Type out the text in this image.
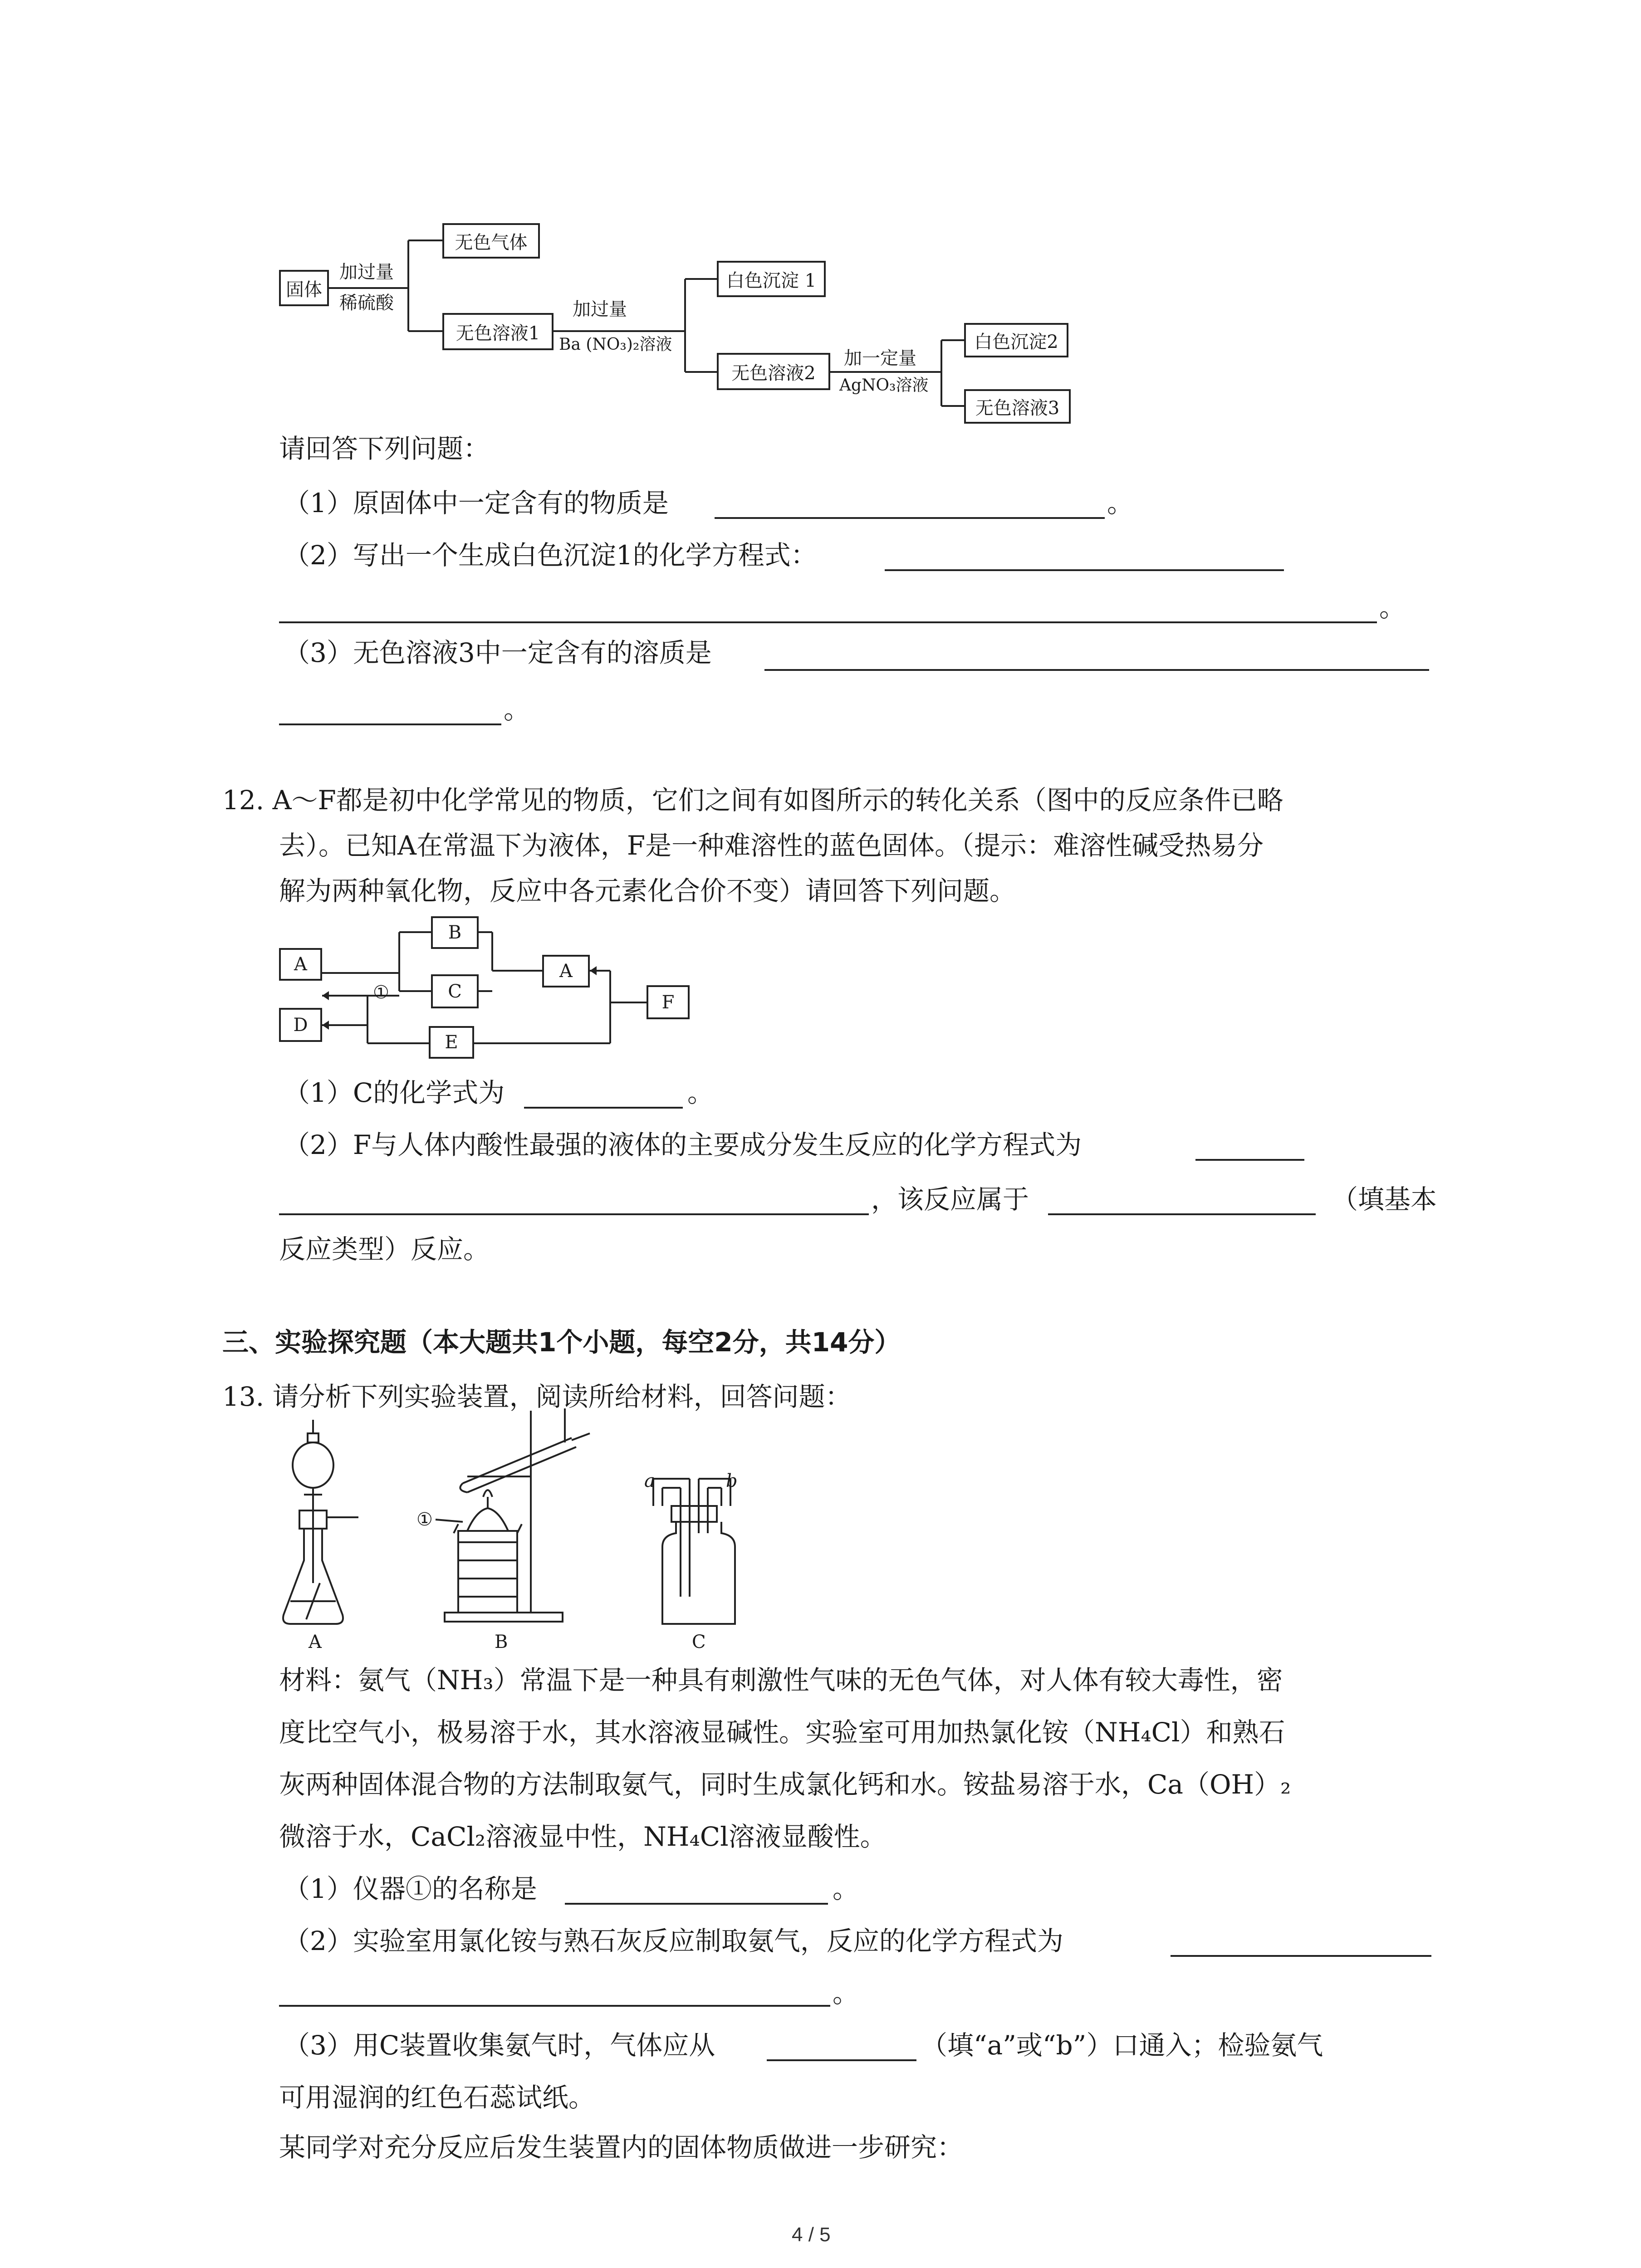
固体
加过量
稀硫酸
无色气体
无色溶液1
加过量
Ba (NO₃)₂溶液
白色沉淀 1
无色溶液2
加一定量
AgNO₃溶液
白色沉淀2
无色溶液3
请回答下列问题：
（1）原固体中一定含有的物质是	。
（2）写出一个生成白色沉淀1的化学方程式：
。
（3）无色溶液3中一定含有的溶质是
。
12. A～F都是初中化学常见的物质，它们之间有如图所示的转化关系（图中的反应条件已略
去）。已知A在常温下为液体，F是一种难溶性的蓝色固体。（提示：难溶性碱受热易分
解为两种氧化物，反应中各元素化合价不变）请回答下列问题。
A
B
C
A
D
E
F
①
（1）C的化学式为	。
（2）F与人体内酸性最强的液体的主要成分发生反应的化学方程式为
，该反应属于	（填基本
反应类型）反应。
三、实验探究题（本大题共1个小题，每空2分，共14分）
13. 请分析下列实验装置，阅读所给材料，回答问题：
A	B	C
a	b
①
材料：氨气（NH₃）常温下是一种具有刺激性气味的无色气体，对人体有较大毒性，密
度比空气小，极易溶于水，其水溶液显碱性。实验室可用加热氯化铵（NH₄Cl）和熟石
灰两种固体混合物的方法制取氨气，同时生成氯化钙和水。铵盐易溶于水，Ca（OH）₂
微溶于水，CaCl₂溶液显中性，NH₄Cl溶液显酸性。
（1）仪器①的名称是	。
（2）实验室用氯化铵与熟石灰反应制取氨气，反应的化学方程式为
。
（3）用C装置收集氨气时，气体应从	（填“a”或“b”）口通入；检验氨气
可用湿润的红色石蕊试纸。
某同学对充分反应后发生装置内的固体物质做进一步研究：
4 / 5
